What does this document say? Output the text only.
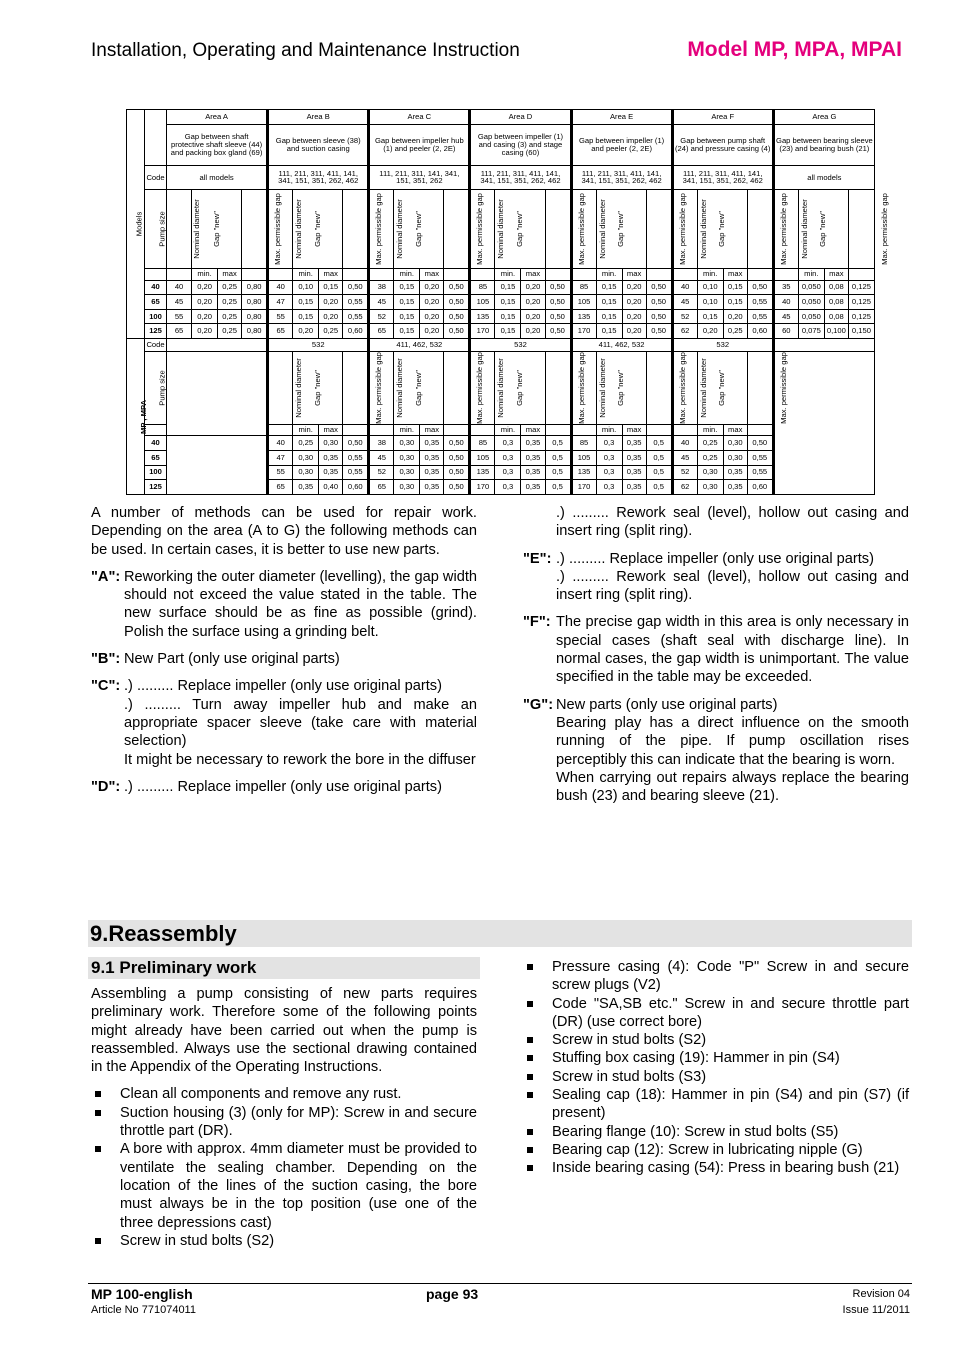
Installation, Operating and Maintenance Instruction	Model MP, MPA, MPAI
Models		Area A				Area B				Area C				Area D				Area E				Area F				Area G			
		Gap between shaft protective shaft sleeve (44) and packing box gland (69)				Gap between sleeve (38) and suction casing				Gap between impeller hub (1) and peeler (2, 2E)				Gap between impeller (1) and casing (3) and stage casing (60)				Gap between impeller (1) and peeler (2, 2E)				Gap between pump shaft (24) and pressure casing (4)				Gap between bearing sleeve (23) and bearing bush (21)			
	Code	all models				111, 211, 311, 411, 141, 341, 151, 351, 262, 462				111, 211, 311, 141, 341, 151, 351, 262				111, 211, 311, 411, 141, 341, 151, 351, 262, 462				111, 211, 311, 411, 141, 341, 151, 351, 262, 462				111, 211, 311, 411, 141, 341, 151, 351, 262, 462				all models			
	Pump size	Nominal diameter	Gap "new"		Max. permissible gap	Nominal diameter	Gap "new"		Max. permissible gap	Nominal diameter	Gap "new"		Max. permissible gap	Nominal diameter	Gap "new"		Max. permissible gap	Nominal diameter	Gap "new"		Max. permissible gap	Nominal diameter	Gap "new"		Max. permissible gap	Nominal diameter	Gap "new"		Max. permissible gap
			min.	max			min.	max			min.	max			min.	max			min.	max			min.	max			min.	max	
	40	40	0,20	0,25	0,80	40	0,10	0,15	0,50	38	0,15	0,20	0,50	85	0,15	0,20	0,50	85	0,15	0,20	0,50	40	0,10	0,15	0,50	35	0,050	0,08	0,125
	65	45	0,20	0,25	0,80	47	0,15	0,20	0,55	45	0,15	0,20	0,50	105	0,15	0,20	0,50	105	0,15	0,20	0,50	45	0,10	0,15	0,55	40	0,050	0,08	0,125
	100	55	0,20	0,25	0,80	55	0,15	0,20	0,55	52	0,15	0,20	0,50	135	0,15	0,20	0,50	135	0,15	0,20	0,50	52	0,15	0,20	0,55	45	0,050	0,08	0,125
	125	65	0,20	0,25	0,80	65	0,20	0,25	0,60	65	0,15	0,20	0,50	170	0,15	0,20	0,50	170	0,15	0,20	0,50	62	0,20	0,25	0,60	60	0,075	0,100	0,150
MP , MPA	Code					532				411, 462, 532				532				411, 462, 532				532							
	Pump size					Nominal diameter	Gap "new"		Max. permissible gap	Nominal diameter	Gap "new"		Max. permissible gap	Nominal diameter	Gap "new"		Max. permissible gap	Nominal diameter	Gap "new"		Max. permissible gap	Nominal diameter	Gap "new"		Max. permissible gap				
							min.	max			min.	max			min.	max			min.	max			min.	max					
	40					40	0,25	0,30	0,50	38	0,30	0,35	0,50	85	0,3	0,35	0,5	85	0,3	0,35	0,5	40	0,25	0,30	0,50				
	65					47	0,30	0,35	0,55	45	0,30	0,35	0,50	105	0,3	0,35	0,5	105	0,3	0,35	0,5	45	0,25	0,30	0,55				
	100					55	0,30	0,35	0,55	52	0,30	0,35	0,50	135	0,3	0,35	0,5	135	0,3	0,35	0,5	52	0,30	0,35	0,55				
	125					65	0,35	0,40	0,60	65	0,30	0,35	0,50	170	0,3	0,35	0,5	170	0,3	0,35	0,5	62	0,30	0,35	0,60				

A number of methods can be used for repair work. Depending on the area (A to G) the following methods can be used. In certain cases, it is better to use new parts.

"A": Reworking the outer diameter (levelling), the gap width should not exceed the value stated in the table. The new surface should be as fine as possible (grind). Polish the surface using a grinding belt.
"B": New Part (only use original parts)
"C": .) ......... Replace impeller (only use original parts)
.) ......... Turn away impeller hub and make an appropriate spacer sleeve (take care with material selection)
It might be necessary to rework the bore in the diffuser
"D": .) ......... Replace impeller (only use original parts)
.) ......... Rework seal (level), hollow out casing and insert ring (split ring).
"E": .) ......... Replace impeller (only use original parts)
.) ......... Rework seal (level), hollow out casing and insert ring (split ring).
"F": The precise gap width in this area is only necessary in special cases (shaft seal with discharge line). In normal cases, the gap width is unimportant. The value specified in the table may be exceeded.
"G": New parts (only use original parts)
Bearing play has a direct influence on the smooth running of the pipe. If pump oscillation rises perceptibly this can indicate that the bearing is worn.
When carrying out repairs always replace the bearing bush (23) and bearing sleeve (21).
9.Reassembly
9.1 Preliminary work

Assembling a pump consisting of new parts requires preliminary work. Therefore some of the following points might already have been carried out when the pump is reassembled. Always use the sectional drawing contained in the Appendix of the Operating Instructions.

Clean all components and remove any rust.
Suction housing (3) (only for MP): Screw in and secure throttle part (DR).
A bore with approx. 4mm diameter must be provided to ventilate the sealing chamber. Depending on the location of the lines of the suction casing, the bore must always be in the top position (use one of the three depressions cast)
Screw in stud bolts (S2)
Pressure casing (4): Code "P" Screw in and secure screw plugs (V2)
Code "SA,SB etc." Screw in and secure throttle part (DR) (use correct bore)
Screw in stud bolts (S2)
Stuffing box casing (19): Hammer in pin (S4)
Screw in stud bolts (S3)
Sealing cap (18): Hammer in pin (S4) and pin (S7) (if present)
Bearing flange (10): Screw in stud bolts (S5)
Bearing cap (12): Screw in lubricating nipple (G)
Inside bearing casing (54): Press in bearing bush (21)
MP 100-english
Article No 771074011
page 93	Revision 04
Issue 11/2011
